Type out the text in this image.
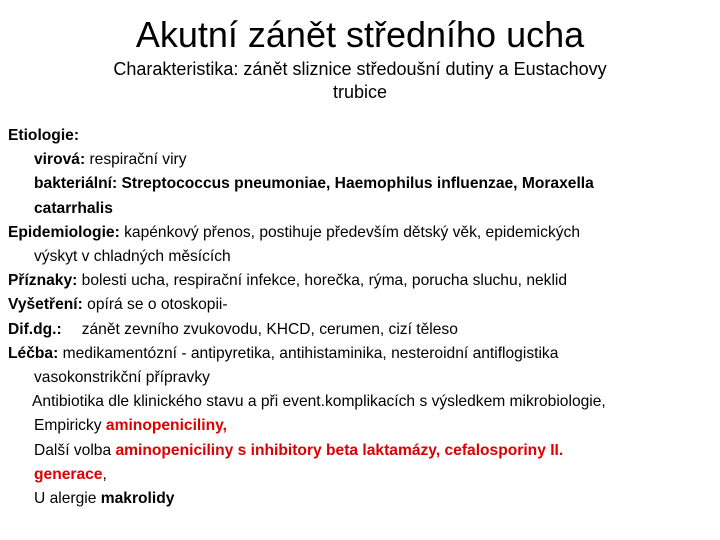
Akutní zánět středního ucha
Charakteristika: zánět sliznice středoušní dutiny a Eustachovy
trubice
Etiologie:
virová: respirační viry
bakteriální: Streptococcus pneumoniae, Haemophilus influenzae, Moraxella
catarrhalis
Epidemiologie: kapénkový přenos, postihuje především dětský věk, epidemických
výskyt v chladných měsících
Příznaky: bolesti ucha, respirační infekce, horečka, rýma, porucha sluchu, neklid
Vyšetření: opírá se o otoskopii-
Dif.dg.: zánět zevního zvukovodu, KHCD, cerumen, cizí těleso
Léčba: medikamentózní - antipyretika, antihistaminika, nesteroidní antiflogistika
vasokonstrikční přípravky
Antibiotika dle klinického stavu a při event.komplikacích s výsledkem mikrobiologie,
Empiricky aminopeniciliny,
Další volba aminopeniciliny s inhibitory beta laktamázy, cefalosporiny II.
generace,
U alergie makrolidy
